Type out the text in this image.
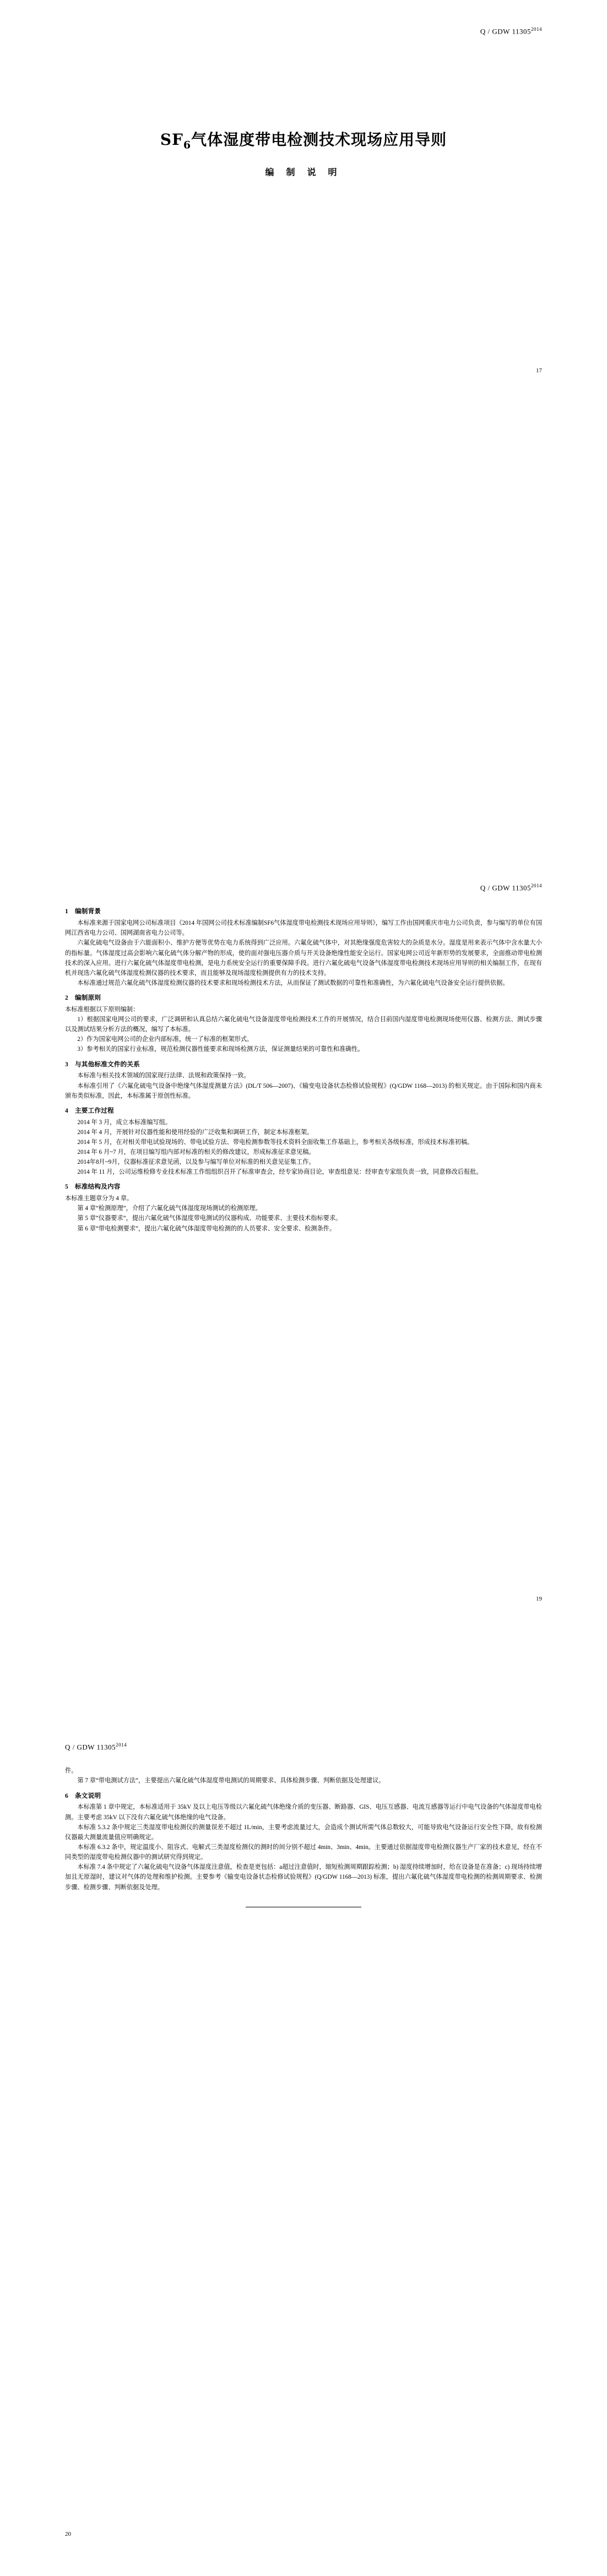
Q / GDW $11305^{2014}$
$SF_6$气体湿度带电检测技术现场应用导则
编 制 说 明
17
Q / GDW $11305^{2014}$
1 编制背景

本标准来源于国家电网公司标准项目《2014 年国网公司技术标准编制SF6气体湿度带电检测技术现场应用导则》，编写工作由国网重庆市电力公司负责，参与编写的单位有国网江西省电力公司、国网湖南省电力公司等。

六氟化硫电气设备由于六能面积小、维护方便等优势在电力系统得到广泛应用。六氟化硫气体中，对其绝缘强度危害较大的杂质是水分。湿度是用来表示气体中含水量大小的指标量。气体湿度过高会影响六氟化硫气体分解产物的形成，使的面对强电压器介质与开关设备绝缘性能安全运行。国家电网公司近年新形势的发展要求，全面推动带电检测技术的深入应用。进行六氟化硫气体湿度带电检测，是电力系统安全运行的重要保障手段。进行六氟化硫电气设备气体湿度带电检测技术现场应用导则的相关编制工作，在现有机并现选六氟化硫气体湿度检测仪器的技术要求，而且能够及现场湿度检测提供有力的技术支持。

本标准通过规范六氟化硫气体湿度检测仪器的技术要求和现场检测技术方法，从而保证了测试数据的可靠性和准确性，为六氟化硫电气设备安全运行提供依据。

2 编制原则

本标准根据以下原则编制：

1）根据国家电网公司的要求，广泛调研和认真总结六氟化硫电气设备湿度带电检测技术工作的开展情况，结合目前国内湿度带电检测现场使用仪器、检测方法、测试步骤以及测试结果分析方法的概况，编写了本标准。

2）作为国家电网公司的企业内部标准，统一了标准的框架形式。

3）参考相关的国家行业标准，规范检测仪器性能要求和现场检测方法，保证测量结果的可靠性和准确性。

3 与其他标准文件的关系

本标准与相关技术领域的国家现行法律、法规和政策保持一致。

本标准引用了《六氟化硫电气设备中绝缘气体湿度测量方法》(DL/T 506—2007)、《输变电设备状态检修试验规程》(Q/GDW 1168—2013) 的相关规定。由于国际和国内商未颁布类似标准，因此，本标准属于原创性标准。

4 主要工作过程

2014 年 3 月，成立本标准编写组。

2014 年 4 月，开展针对仪器性能和使用经验的广泛收集和调研工作，制定本标准框架。

2014 年 5 月，在对相关带电试验现场的、带电试验方法、带电检测参数等技术资料全面收集工作基础上，参考相关各级标准，形成技术标准初稿。

2014 年 6 月~7 月，在项目编写组内部对标准的相关的修改建议，形成标准征求意见稿。

2014年8月~9月，仪器标准征求意见函，以及参与编写单位对标准的相关意见征集工作。

2014 年 11 月，公司运维检修专业技术标准工作组组织召开了标准审查会，经专家协商目论，审查组意见：经审查专家组负责一致，同意修改后报批。

5 标准结构及内容

本标准主题章分为 4 章。

第 4 章“检测原理”，介绍了六氟化硫气体湿度现场测试的检测原理。

第 5 章“仪器要求”，提出六氟化硫气体湿度带电测试的仪器构成、功能要求、主要技术指标要求。

第 6 章“带电检测要求”，提出六氟化硫气体湿度带电检测的的人员要求、安全要求、检测条件。

19
Q / GDW $11305^{2014}$

件。

第 7 章“带电测试方法”，主要提出六氟化硫气体湿度带电测试的周期要求、具体检测步骤、判断依据及处理建议。

6 条文说明

本标准第 1 章中规定，本标准适用于 35kV 及以上电压等级以六氟化硫气体绝缘介质的变压器、断路器、GIS、电压互感器、电流互感器等运行中电气设备的气体湿度带电检测。主要考虑 35kV 以下没有六氟化硫气体绝缘的电气设备。

本标准 5.3.2 条中规定三类湿度带电检测仪的测量误差不超过 1L/min，主要考虑流量过大，会造成个测试所需气体总数较大，可能导致电气设备运行安全性下降，故有检测仪器最大测量流量值应明确规定。

本标准 6.3.2 条中，规定温度小、阻容式、电解式三类湿度检测仪的测时的间分别不超过 4min、3min、4min。主要通过依据湿度带电检测仪器生产厂家的技术意见，经在不同类型的湿度带电检测仪器中的测试研究得到规定。

本标准 7.4 条中规定了六氟化硫电气设备气体湿度注意值，检查是更包括：a超过注意值时，缩短检测周期跟踪检测；b) 湿度持续增加时，给在设备是在准备；c) 现场持续增加且无原湿时，建议对气体的处理和维护检测。主要参考《输变电设备状态检修试验规程》(Q/GDW 1168—2013) 标准，提出六氟化硫气体湿度带电检测的检测周期要求、检测步骤、检测步骤、判断依据及处理。

20
